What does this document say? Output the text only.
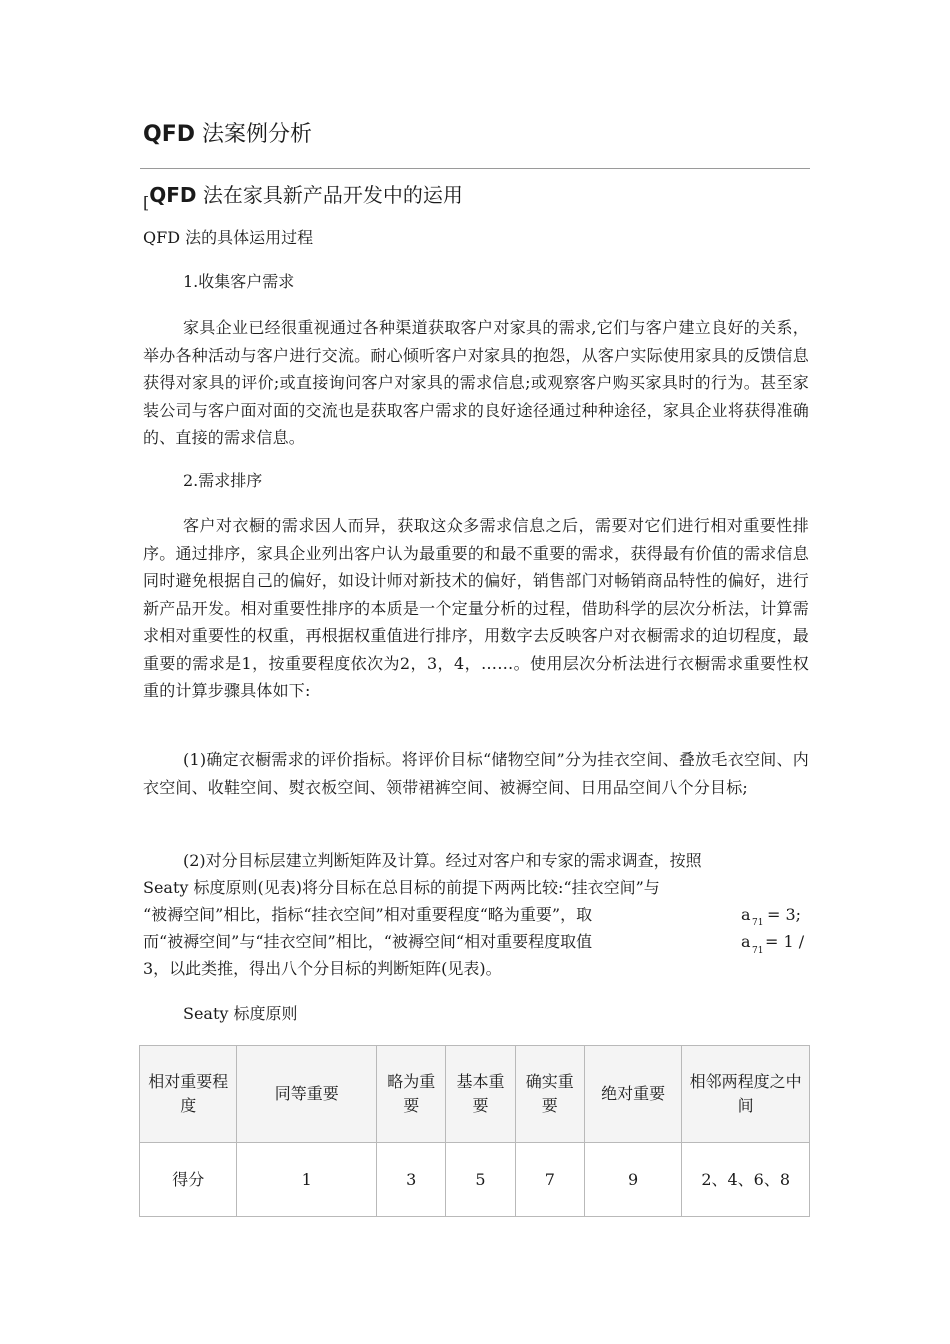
QFD 法案例分析
$_[$QFD 法在家具新产品开发中的运用
QFD 法的具体运用过程
1.收集客户需求

家具企业已经很重视通过各种渠道获取客户对家具的需求,它们与客户建立良好的关系，举办各种活动与客户进行交流。耐心倾听客户对家具的抱怨，从客户实际使用家具的反馈信息获得对家具的评价;或直接询问客户对家具的需求信息;或观察客户购买家具时的行为。甚至家装公司与客户面对面的交流也是获取客户需求的良好途径通过种种途径，家具企业将获得准确的、直接的需求信息。

2.需求排序

客户对衣橱的需求因人而异，获取这众多需求信息之后，需要对它们进行相对重要性排序。通过排序，家具企业列出客户认为最重要的和最不重要的需求，获得最有价值的需求信息同时避免根据自己的偏好，如设计师对新技术的偏好，销售部门对畅销商品特性的偏好，进行新产品开发。相对重要性排序的本质是一个定量分析的过程，借助科学的层次分析法，计算需求相对重要性的权重，再根据权重值进行排序，用数字去反映客户对衣橱需求的迫切程度，最重要的需求是1，按重要程度依次为2，3，4，……。使用层次分析法进行衣橱需求重要性权重的计算步骤具体如下:

(1)确定衣橱需求的评价指标。将评价目标“储物空间”分为挂衣空间、叠放毛衣空间、内衣空间、收鞋空间、熨衣板空间、领带裙裤空间、被褥空间、日用品空间八个分目标;

(2)对分目标层建立判断矩阵及计算。经过对客户和专家的需求调查，按照
Seaty 标度原则(见表)将分目标在总目标的前提下两两比较:“挂衣空间”与
“被褥空间”相比，指标“挂衣空间”相对重要程度“略为重要”，取	a 71 = 3;
而“被褥空间”与“挂衣空间”相比，“被褥空间“相对重要程度取值	a 71 = 1 /
3，以此类推，得出八个分目标的判断矩阵(见表)。
Seaty 标度原则
相对重要程度	同等重要	略为重要	基本重要	确实重要	绝对重要	相邻两程度之中间
得分	1	3	5	7	9	2、4、6、8
